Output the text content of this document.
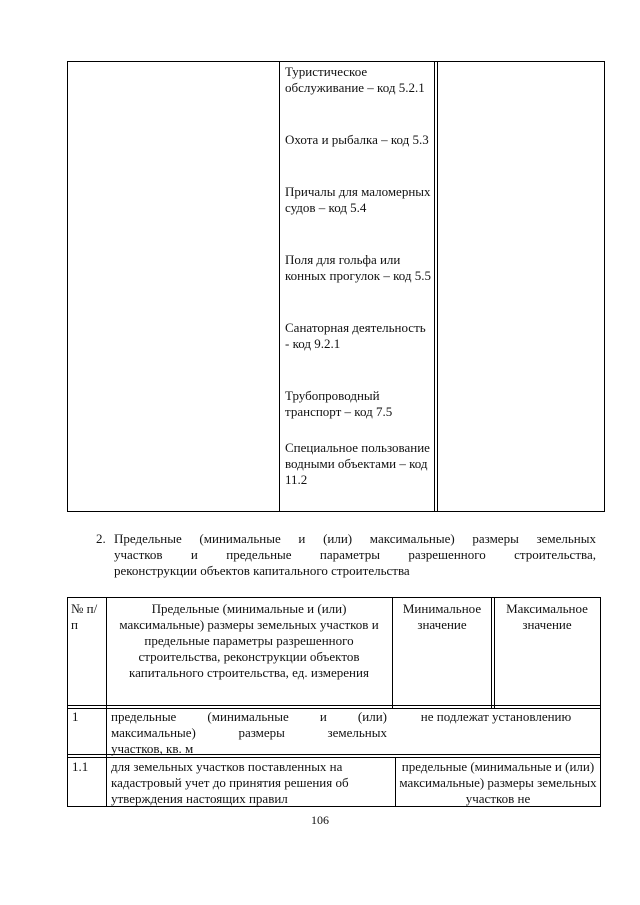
Туристическое обслуживание – код 5.2.1
Охота и рыбалка – код 5.3
Причалы для маломерных судов – код 5.4
Поля для гольфа или конных прогулок – код 5.5
Санаторная деятельность - код 9.2.1
Трубопроводный транспорт – код 7.5
Специальное пользование водными объектами – код 11.2
2. Предельные (минимальные и (или) максимальные) размеры земельных
участков и предельные параметры разрешенного строительства,
реконструкции объектов капитального строительства
№ п/п
Предельные (минимальные и (или) максимальные) размеры земельных участков и предельные параметры разрешенного строительства, реконструкции объектов капитального строительства, ед. измерения
Минимальное значение
Максимальное значение
1	предельные (минимальные и (или)
максимальные) размеры земельных
участков, кв. м
не подлежат установлению
1.1	для земельных участков поставленных на кадастровый учет до принятия решения об утверждения настоящих правил
предельные (минимальные и (или) максимальные) размеры земельных участков не
106
